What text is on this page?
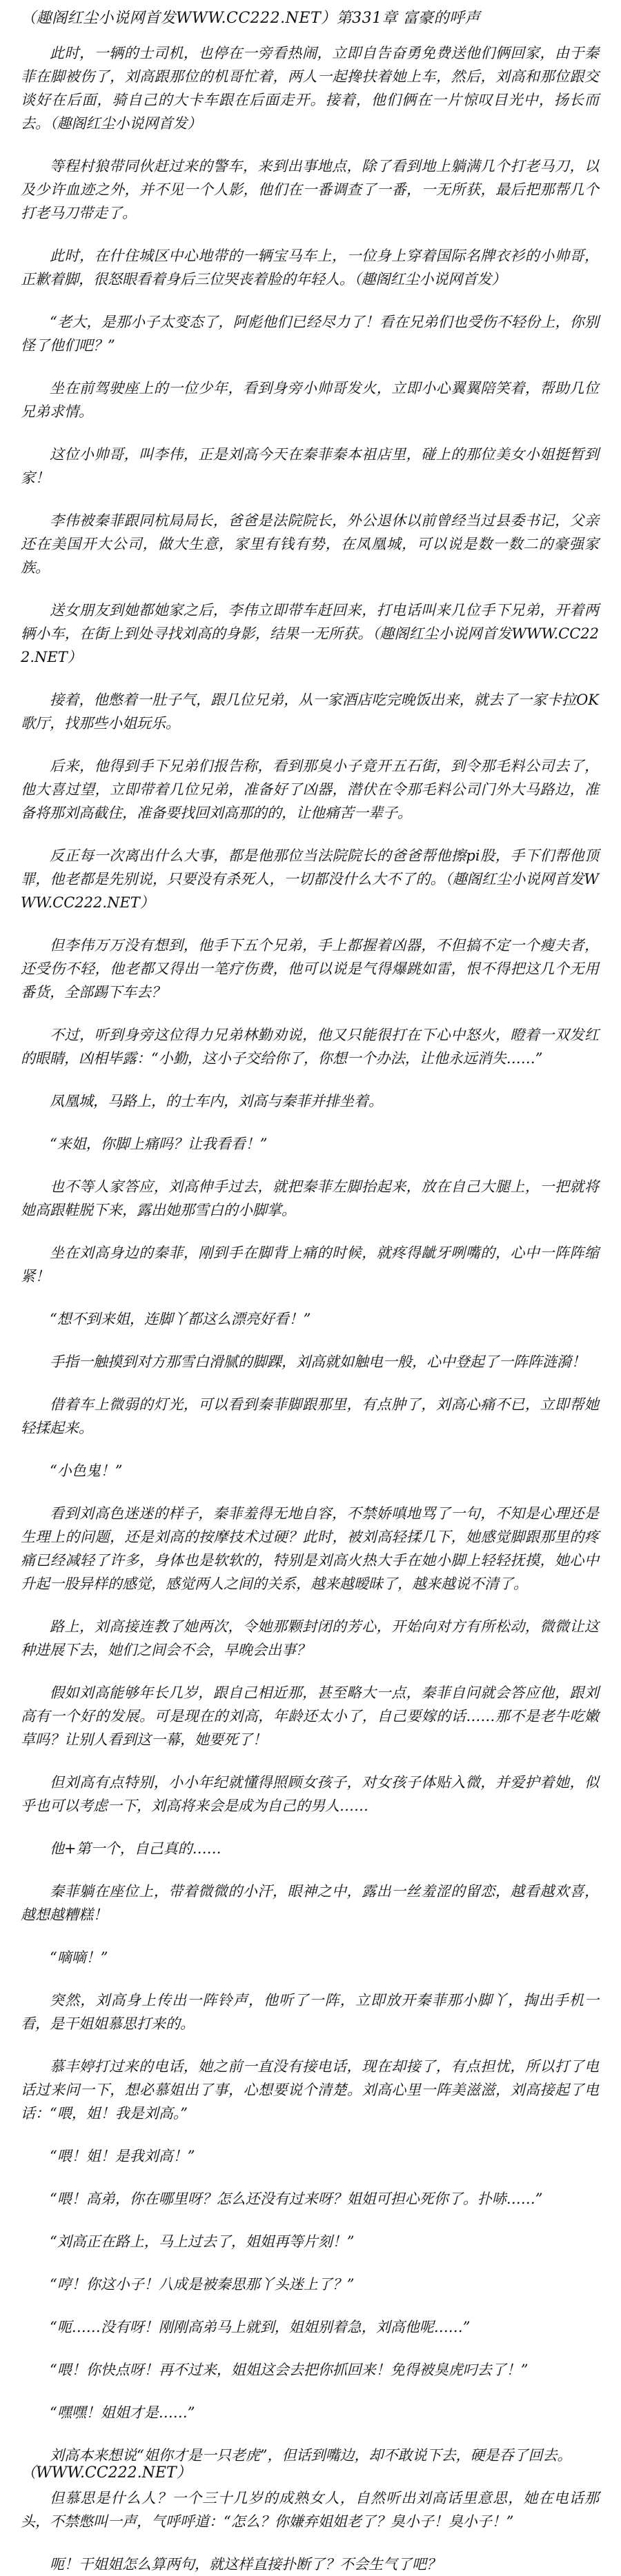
（趣阁红尘小说网首发WWW.CC222.NET）第331章 富豪的呼声
此时，一辆的士司机，也停在一旁看热闹，立即自告奋勇免费送他们俩回家，由于秦菲在脚被伤了，刘高跟那位的机哥忙着，两人一起搀扶着她上车，然后，刘高和那位跟交谈好在后面，骑自己的大卡车跟在后面走开。接着，他们俩在一片惊叹目光中，扬长而去。（趣阁红尘小说网首发）
等程村狼带同伙赶过来的警车，来到出事地点，除了看到地上躺满几个打老马刀，以及少许血迹之外，并不见一个人影，他们在一番调查了一番，一无所获，最后把那帮几个打老马刀带走了。
此时，在什住城区中心地带的一辆宝马车上，一位身上穿着国际名牌衣衫的小帅哥，正歉着脚，很怒眼看着身后三位哭丧着脸的年轻人。（趣阁红尘小说网首发）
“老大，是那小子太变态了，阿彪他们已经尽力了！看在兄弟们也受伤不轻份上，你别怪了他们吧？”
坐在前驾驶座上的一位少年，看到身旁小帅哥发火，立即小心翼翼陪笑着，帮助几位兄弟求情。
这位小帅哥，叫李伟，正是刘高今天在秦菲秦本祖店里，碰上的那位美女小姐挺暂到家！
李伟被秦菲跟同杭局局长，爸爸是法院院长，外公退休以前曾经当过县委书记，父亲还在美国开大公司，做大生意，家里有钱有势，在凤凰城，可以说是数一数二的豪强家族。
送女朋友到她都她家之后，李伟立即带车赶回来，打电话叫来几位手下兄弟，开着两辆小车，在街上到处寻找刘高的身影，结果一无所获。（趣阁红尘小说网首发WWW.CC222.NET）
接着，他憋着一肚子气，跟几位兄弟，从一家酒店吃完晚饭出来，就去了一家卡拉OK歌厅，找那些小姐玩乐。
后来，他得到手下兄弟们报告称，看到那臭小子竟开五石街，到令那毛料公司去了，他大喜过望，立即带着几位兄弟，准备好了凶器，潜伏在令那毛料公司门外大马路边，准备将那刘高截住，准备要找回刘高那的的，让他痛苦一辈子。
反正每一次离出什么大事，都是他那位当法院院长的爸爸帮他擦pi股，手下们帮他顶罪，他老都是先别说，只要没有杀死人，一切都没什么大不了的。（趣阁红尘小说网首发WWW.CC222.NET）
但李伟万万没有想到，他手下五个兄弟，手上都握着凶器，不但搞不定一个瘦夫者，还受伤不轻，他老都又得出一笔疗伤费，他可以说是气得爆跳如雷，恨不得把这几个无用番货，全部踢下车去？
不过，听到身旁这位得力兄弟林勤劝说，他又只能很打在下心中怒火，瞪着一双发红的眼睛，凶相毕露：“小勤，这小子交给你了，你想一个办法，让他永远消失……”
凤凰城，马路上，的士车内，刘高与秦菲并排坐着。
“来姐，你脚上痛吗？让我看看！”
也不等人家答应，刘高伸手过去，就把秦菲左脚抬起来，放在自己大腿上，一把就将她高跟鞋脱下来，露出她那雪白的小脚掌。
坐在刘高身边的秦菲，刚到手在脚背上痛的时候，就疼得龇牙咧嘴的，心中一阵阵缩紧！
“想不到来姐，连脚丫都这么漂亮好看！”
手指一触摸到对方那雪白滑腻的脚踝，刘高就如触电一般，心中登起了一阵阵涟漪！
借着车上微弱的灯光，可以看到秦菲脚跟那里，有点肿了，刘高心痛不已，立即帮她轻揉起来。
“小色鬼！”
看到刘高色迷迷的样子，秦菲羞得无地自容，不禁娇嗔地骂了一句，不知是心理还是生理上的问题，还是刘高的按摩技术过硬？此时，被刘高轻揉几下，她感觉脚跟那里的疼痛已经减轻了许多，身体也是软软的，特别是刘高火热大手在她小脚上轻轻抚摸，她心中升起一股异样的感觉，感觉两人之间的关系，越来越暧昧了，越来越说不清了。
路上，刘高接连教了她两次，令她那颗封闭的芳心，开始向对方有所松动，微微让这种进展下去，她们之间会不会，早晚会出事？
假如刘高能够年长几岁，跟自己相近那，甚至略大一点，秦菲自问就会答应他，跟刘高有一个好的发展。可是现在的刘高，年龄还太小了，自己要嫁的话……那不是老牛吃嫩草吗？让别人看到这一幕，她要死了！
但刘高有点特别，小小年纪就懂得照顾女孩子，对女孩子体贴入微，并爱护着她，似乎也可以考虑一下，刘高将来会是成为自己的男人……
他+第一个，自己真的……
秦菲躺在座位上，带着微微的小汗，眼神之中，露出一丝羞涩的留恋，越看越欢喜，越想越糟糕！
“嘀嘀！”
突然，刘高身上传出一阵铃声，他听了一阵，立即放开秦菲那小脚丫，掏出手机一看，是干姐姐慕思打来的。
慕丰婷打过来的电话，她之前一直没有接电话，现在却接了，有点担忧，所以打了电话过来问一下，想必慕姐出了事，心想要说个清楚。刘高心里一阵美滋滋，刘高接起了电话：“喂，姐！我是刘高。”
“喂！姐！是我刘高！”
“喂！高弟，你在哪里呀？怎么还没有过来呀？姐姐可担心死你了。扑哧……”
“刘高正在路上，马上过去了，姐姐再等片刻！”
“哼！你这小子！八成是被秦思那丫头迷上了？”
“呃……没有呀！刚刚高弟马上就到，姐姐别着急，刘高他呢……”
“喂！你快点呀！再不过来，姐姐这会去把你抓回来！免得被臭虎叼去了！”
“嘿嘿！姐姐才是……”
刘高本来想说“姐你才是一只老虎”，但话到嘴边，却不敢说下去，硬是吞了回去。
但慕思是什么人？一个三十几岁的成熟女人，自然听出刘高话里意思，她在电话那头，不禁憋叫一声，气呼呼道：“怎么？你嫌弃姐姐老了？臭小子！臭小子！”
呃！干姐姐怎么算两句，就这样直接扑断了？不会生气了吧？
（WWW.CC222.NET）
